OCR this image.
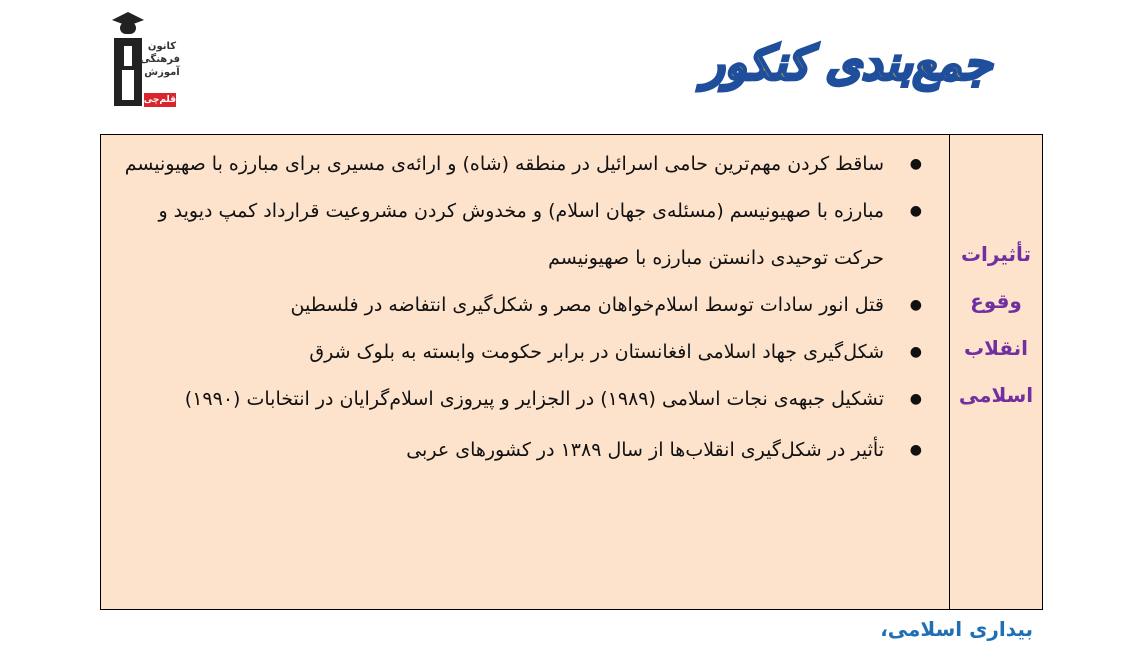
کانون
فرهنگی
آموزش
قلم‌چی
جمع‌بندی کنکور
●
ساقط کردن مهم‌ترین حامی اسرائیل در منطقه (شاه) و ارائه‌ی مسیری برای مبارزه با صهیونیسم
●
مبارزه با صهیونیسم (مسئله‌ی جهان اسلام) و مخدوش کردن مشروعیت قرارداد کمپ دیوید و حرکت توحیدی دانستن مبارزه با صهیونیسم
●
قتل انور سادات توسط اسلام‌خواهان مصر و شکل‌گیری انتفاضه در فلسطین
●
شکل‌گیری جهاد اسلامی افغانستان در برابر حکومت وابسته به بلوک شرق
●
تشکیل جبهه‌ی نجات اسلامی (۱۹۸۹) در الجزایر و پیروزی اسلام‌گرایان در انتخابات (۱۹۹۰)
●
تأثیر در شکل‌گیری انقلاب‌ها از سال ۱۳۸۹ در کشورهای عربی
تأثیرات
وقوع
انقلاب
اسلامی
بیداری اسلامی،
